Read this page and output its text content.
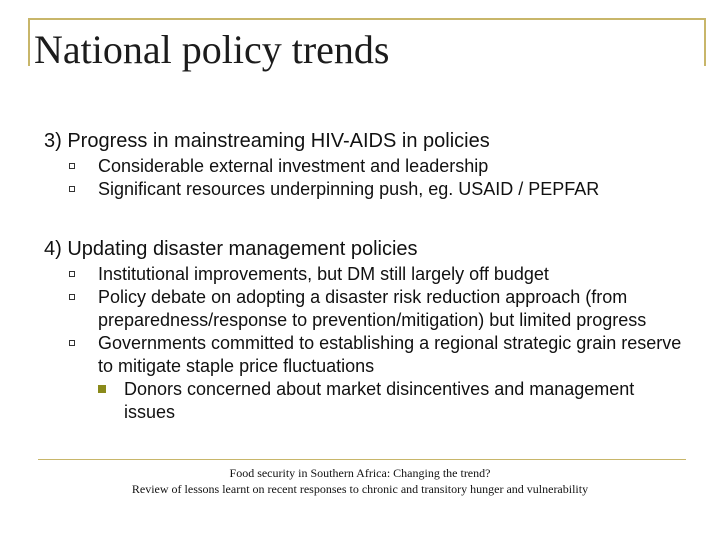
National policy trends
3) Progress in mainstreaming HIV-AIDS in policies
Considerable external investment and leadership
Significant resources underpinning push, eg. USAID / PEPFAR
4) Updating disaster management policies
Institutional improvements, but DM still largely off budget
Policy debate on adopting a disaster risk reduction approach (from preparedness/response to prevention/mitigation) but limited progress
Governments committed to establishing a regional strategic grain reserve to mitigate staple price fluctuations
Donors concerned about market disincentives and management issues
Food security in Southern Africa: Changing the trend?
Review of lessons learnt on recent responses to chronic and transitory hunger and vulnerability
